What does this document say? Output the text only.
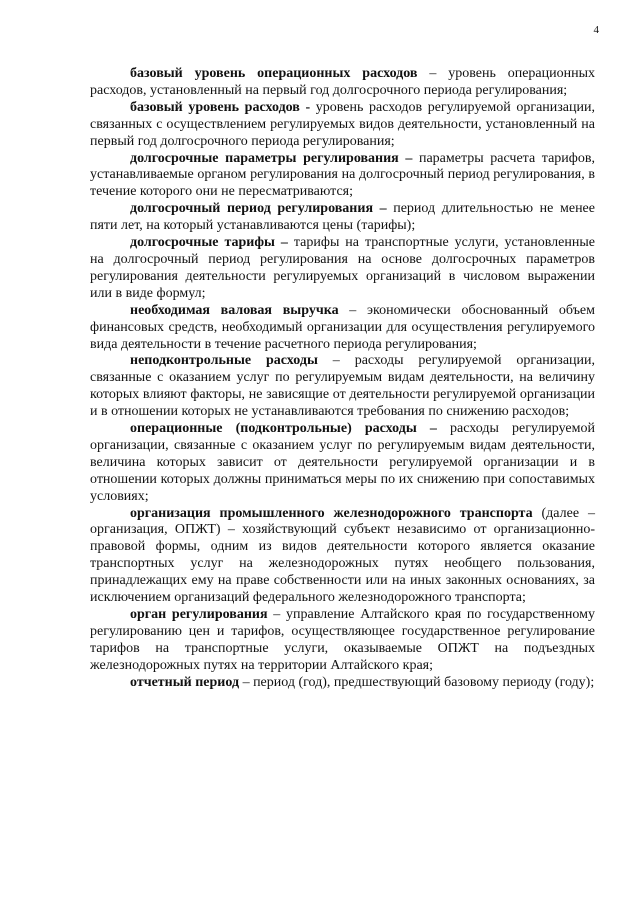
4

базовый уровень операционных расходов – уровень операционных расходов, установленный на первый год долгосрочного периода регулирования;

базовый уровень расходов - уровень расходов регулируемой организации, связанных с осуществлением регулируемых видов деятельности, установленный на первый год долгосрочного периода регулирования;

долгосрочные параметры регулирования – параметры расчета тарифов, устанавливаемые органом регулирования на долгосрочный период регулирования, в течение которого они не пересматриваются;

долгосрочный период регулирования – период длительностью не менее пяти лет, на который устанавливаются цены (тарифы);

долгосрочные тарифы – тарифы на транспортные услуги, установленные на долгосрочный период регулирования на основе долгосрочных параметров регулирования деятельности регулируемых организаций в числовом выражении или в виде формул;

необходимая валовая выручка – экономически обоснованный объем финансовых средств, необходимый организации для осуществления регулируемого вида деятельности в течение расчетного периода регулирования;

неподконтрольные расходы – расходы регулируемой организации, связанные с оказанием услуг по регулируемым видам деятельности, на величину которых влияют факторы, не зависящие от деятельности регулируемой организации и в отношении которых не устанавливаются требования по снижению расходов;

операционные (подконтрольные) расходы – расходы регулируемой организации, связанные с оказанием услуг по регулируемым видам деятельности, величина которых зависит от деятельности регулируемой организации и в отношении которых должны приниматься меры по их снижению при сопоставимых условиях;

организация промышленного железнодорожного транспорта (далее – организация, ОПЖТ) – хозяйствующий субъект независимо от организационно-правовой формы, одним из видов деятельности которого является оказание транспортных услуг на железнодорожных путях необщего пользования, принадлежащих ему на праве собственности или на иных законных основаниях, за исключением организаций федерального железнодорожного транспорта;

орган регулирования – управление Алтайского края по государственному регулированию цен и тарифов, осуществляющее государственное регулирование тарифов на транспортные услуги, оказываемые ОПЖТ на подъездных железнодорожных путях на территории Алтайского края;

отчетный период – период (год), предшествующий базовому периоду (году);
